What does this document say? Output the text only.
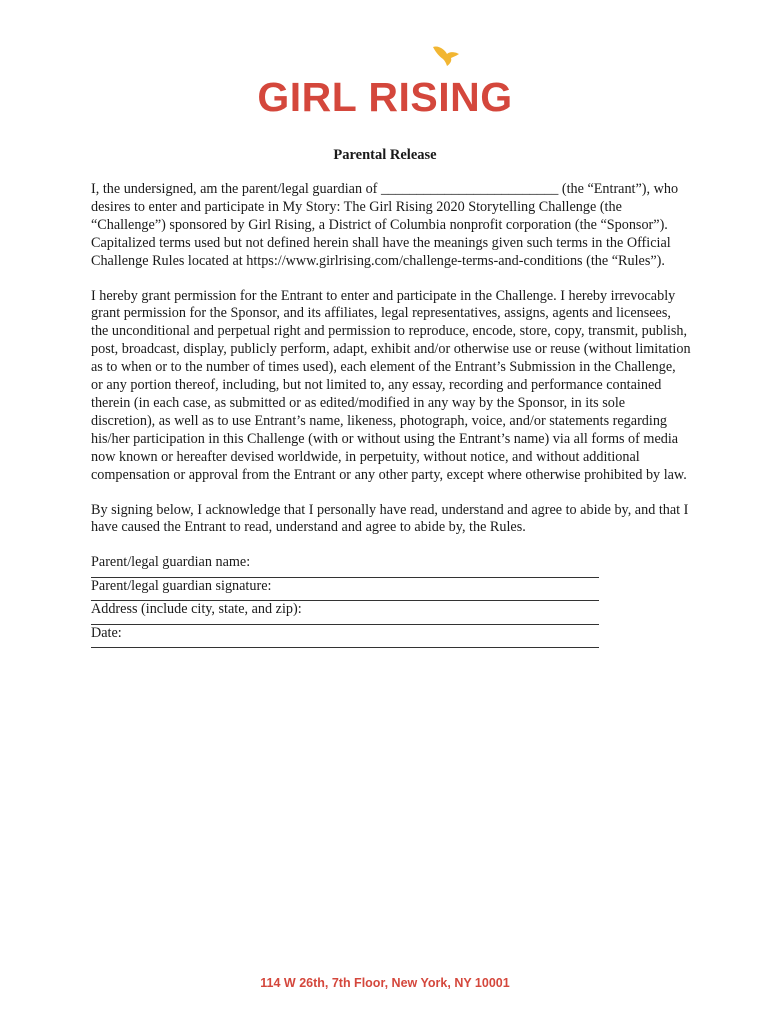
GIRL RISING
Parental Release

I, the undersigned, am the parent/legal guardian of _________________________ (the “Entrant”), who desires to enter and participate in My Story: The Girl Rising 2020 Storytelling Challenge (the “Challenge”) sponsored by Girl Rising, a District of Columbia nonprofit corporation (the “Sponsor”). Capitalized terms used but not defined herein shall have the meanings given such terms in the Official Challenge Rules located at https://www.girlrising.com/challenge-terms-and-conditions (the “Rules”).

I hereby grant permission for the Entrant to enter and participate in the Challenge. I hereby irrevocably grant permission for the Sponsor, and its affiliates, legal representatives, assigns, agents and licensees, the unconditional and perpetual right and permission to reproduce, encode, store, copy, transmit, publish, post, broadcast, display, publicly perform, adapt, exhibit and/or otherwise use or reuse (without limitation as to when or to the number of times used), each element of the Entrant’s Submission in the Challenge, or any portion thereof, including, but not limited to, any essay, recording and performance contained therein (in each case, as submitted or as edited/modified in any way by the Sponsor, in its sole discretion), as well as to use Entrant’s name, likeness, photograph, voice, and/or statements regarding his/her participation in this Challenge (with or without using the Entrant’s name) via all forms of media now known or hereafter devised worldwide, in perpetuity, without notice, and without additional compensation or approval from the Entrant or any other party, except where otherwise prohibited by law.

By signing below, I acknowledge that I personally have read, understand and agree to abide by, and that I have caused the Entrant to read, understand and agree to abide by, the Rules.

Parent/legal guardian name:
Parent/legal guardian signature:
Address (include city, state, and zip):
Date:
114 W 26th, 7th Floor, New York, NY 10001
